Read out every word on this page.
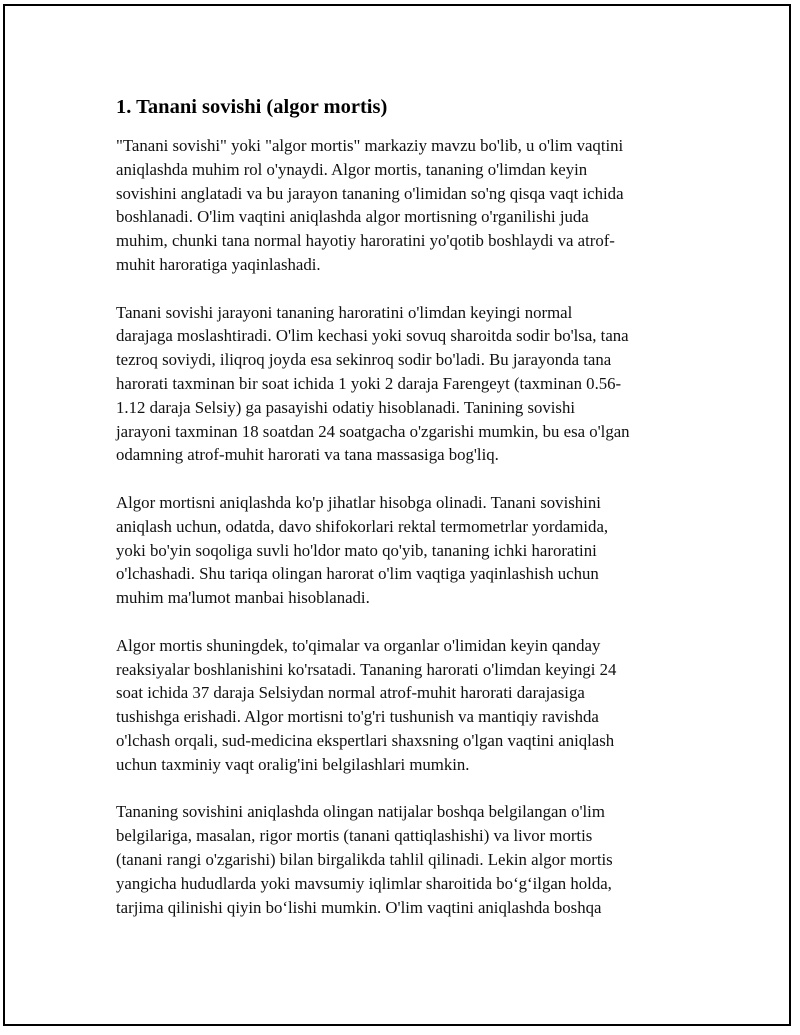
1. Tanani sovishi (algor mortis)

"Tanani sovishi" yoki "algor mortis" markaziy mavzu bo'lib, u o'lim vaqtini
aniqlashda muhim rol o'ynaydi. Algor mortis, tananing o'limdan keyin
sovishini anglatadi va bu jarayon tananing o'limidan so'ng qisqa vaqt ichida
boshlanadi. O'lim vaqtini aniqlashda algor mortisning o'rganilishi juda
muhim, chunki tana normal hayotiy haroratini yo'qotib boshlaydi va atrof-
muhit haroratiga yaqinlashadi.

Tanani sovishi jarayoni tananing haroratini o'limdan keyingi normal
darajaga moslashtiradi. O'lim kechasi yoki sovuq sharoitda sodir bo'lsa, tana
tezroq soviydi, iliqroq joyda esa sekinroq sodir bo'ladi. Bu jarayonda tana
harorati taxminan bir soat ichida 1 yoki 2 daraja Farengeyt (taxminan 0.56-
1.12 daraja Selsiy) ga pasayishi odatiy hisoblanadi. Tanining sovishi
jarayoni taxminan 18 soatdan 24 soatgacha o'zgarishi mumkin, bu esa o'lgan
odamning atrof-muhit harorati va tana massasiga bog'liq.

Algor mortisni aniqlashda ko'p jihatlar hisobga olinadi. Tanani sovishini
aniqlash uchun, odatda, davo shifokorlari rektal termometrlar yordamida,
yoki bo'yin soqoliga suvli ho'ldor mato qo'yib, tananing ichki haroratini
o'lchashadi. Shu tariqa olingan harorat o'lim vaqtiga yaqinlashish uchun
muhim ma'lumot manbai hisoblanadi.

Algor mortis shuningdek, to'qimalar va organlar o'limidan keyin qanday
reaksiyalar boshlanishini ko'rsatadi. Tananing harorati o'limdan keyingi 24
soat ichida 37 daraja Selsiydan normal atrof-muhit harorati darajasiga
tushishga erishadi. Algor mortisni to'g'ri tushunish va mantiqiy ravishda
o'lchash orqali, sud-medicina ekspertlari shaxsning o'lgan vaqtini aniqlash
uchun taxminiy vaqt oralig'ini belgilashlari mumkin.

Tananing sovishini aniqlashda olingan natijalar boshqa belgilangan o'lim
belgilariga, masalan, rigor mortis (tanani qattiqlashishi) va livor mortis
(tanani rangi o'zgarishi) bilan birgalikda tahlil qilinadi. Lekin algor mortis
yangicha hududlarda yoki mavsumiy iqlimlar sharoitida bo‘g‘ilgan holda,
tarjima qilinishi qiyin bo‘lishi mumkin. O'lim vaqtini aniqlashda boshqa
